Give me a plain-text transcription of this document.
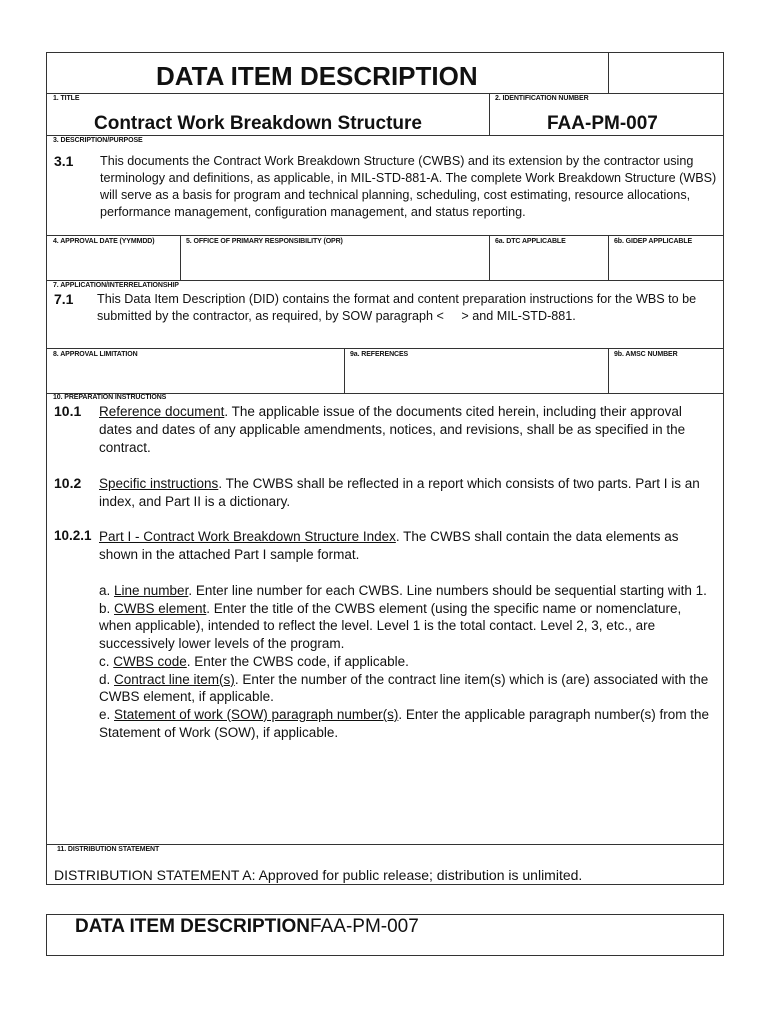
DATA ITEM DESCRIPTION
1. TITLE	2. IDENTIFICATION NUMBER
Contract Work Breakdown Structure	FAA-PM-007
3. DESCRIPTION/PURPOSE
3.1 This documents the Contract Work Breakdown Structure (CWBS) and its extension by the contractor using terminology and definitions, as applicable, in MIL-STD-881-A. The complete Work Breakdown Structure (WBS) will serve as a basis for program and technical planning, scheduling, cost estimating, resource allocations, performance management, configuration management, and status reporting.
4. APPROVAL DATE (YYMMDD)	5. OFFICE OF PRIMARY RESPONSIBILITY (OPR)	6a. DTC APPLICABLE	6b. GIDEP APPLICABLE
7. APPLICATION/INTERRELATIONSHIP
7.1 This Data Item Description (DID) contains the format and content preparation instructions for the WBS to be submitted by the contractor, as required, by SOW paragraph <     > and MIL-STD-881.
8. APPROVAL LIMITATION	9a. REFERENCES	9b. AMSC NUMBER
10. PREPARATION INSTRUCTIONS
10.1 Reference document. The applicable issue of the documents cited herein, including their approval dates and dates of any applicable amendments, notices, and revisions, shall be as specified in the contract.
10.2 Specific instructions. The CWBS shall be reflected in a report which consists of two parts. Part I is an index, and Part II is a dictionary.
10.2.1 Part I - Contract Work Breakdown Structure Index. The CWBS shall contain the data elements as shown in the attached Part I sample format.
a. Line number. Enter line number for each CWBS. Line numbers should be sequential starting with 1.
b. CWBS element. Enter the title of the CWBS element (using the specific name or nomenclature, when applicable), intended to reflect the level. Level 1 is the total contact. Level 2, 3, etc., are successively lower levels of the program.
c. CWBS code. Enter the CWBS code, if applicable.
d. Contract line item(s). Enter the number of the contract line item(s) which is (are) associated with the CWBS element, if applicable.
e. Statement of work (SOW) paragraph number(s). Enter the applicable paragraph number(s) from the Statement of Work (SOW), if applicable.
11. DISTRIBUTION STATEMENT
DISTRIBUTION STATEMENT A: Approved for public release; distribution is unlimited.
DATA ITEM DESCRIPTIONFAA-PM-007
